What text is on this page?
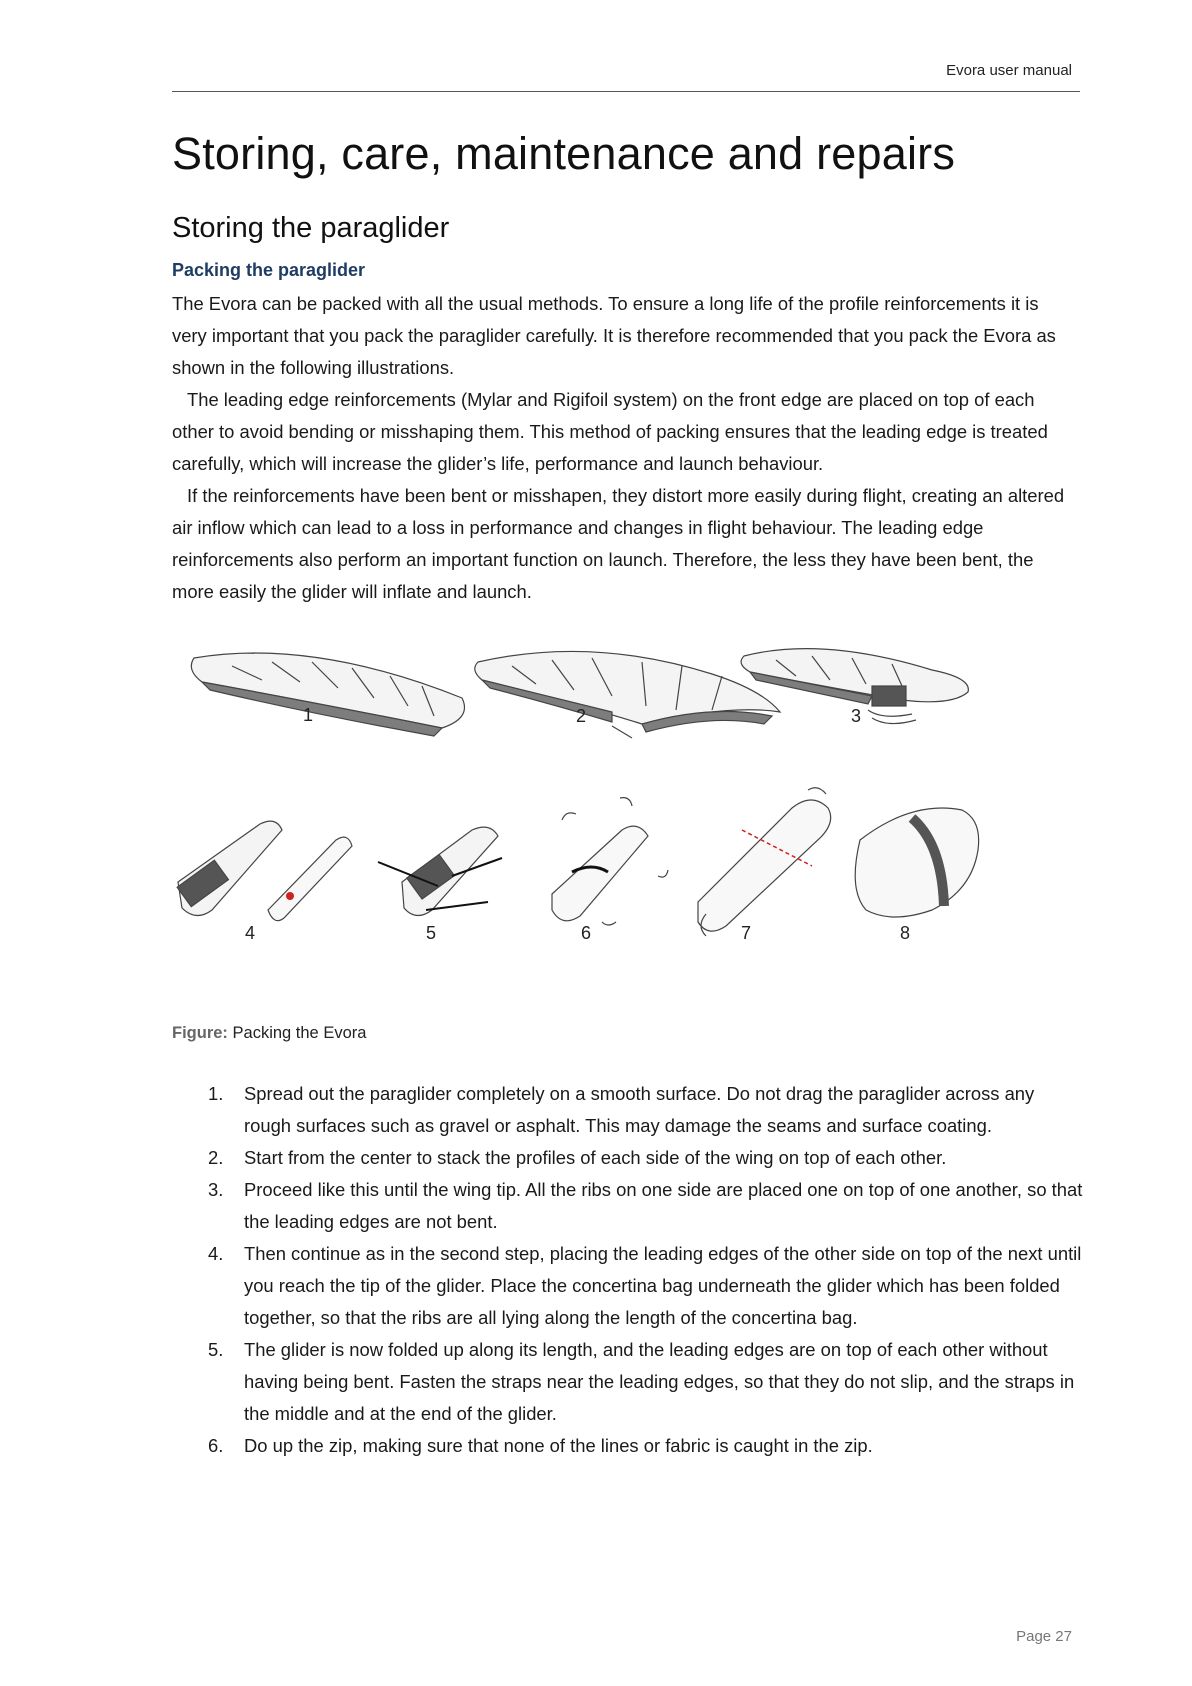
Evora user manual
Storing, care, maintenance and repairs
Storing the paraglider
Packing the paraglider

The Evora can be packed with all the usual methods. To ensure a long life of the profile reinforcements it is very important that you pack the paraglider carefully. It is therefore recommended that you pack the Evora as shown in the following illustrations.

The leading edge reinforcements (Mylar and Rigifoil system) on the front edge are placed on top of each other to avoid bending or misshaping them. This method of packing ensures that the leading edge is treated carefully, which will increase the glider’s life, performance and launch behaviour.

If the reinforcements have been bent or misshapen, they distort more easily during flight, creating an altered air inflow which can lead to a loss in performance and changes in flight behaviour. The leading edge reinforcements also perform an important function on launch. Therefore, the less they have been bent, the more easily the glider will inflate and launch.

1	2	3
4	5	6	7	8
Figure: Packing the Evora
1. Spread out the paraglider completely on a smooth surface. Do not drag the paraglider across any rough surfaces such as gravel or asphalt. This may damage the seams and surface coating.
2. Start from the center to stack the profiles of each side of the wing on top of each other.
3. Proceed like this until the wing tip. All the ribs on one side are placed one on top of one another, so that the leading edges are not bent.
4. Then continue as in the second step, placing the leading edges of the other side on top of the next until you reach the tip of the glider. Place the concertina bag underneath the glider which has been folded together, so that the ribs are all lying along the length of the concertina bag.
5. The glider is now folded up along its length, and the leading edges are on top of each other without having being bent. Fasten the straps near the leading edges, so that they do not slip, and the straps in the middle and at the end of the glider.
6. Do up the zip, making sure that none of the lines or fabric is caught in the zip.
Page 27
